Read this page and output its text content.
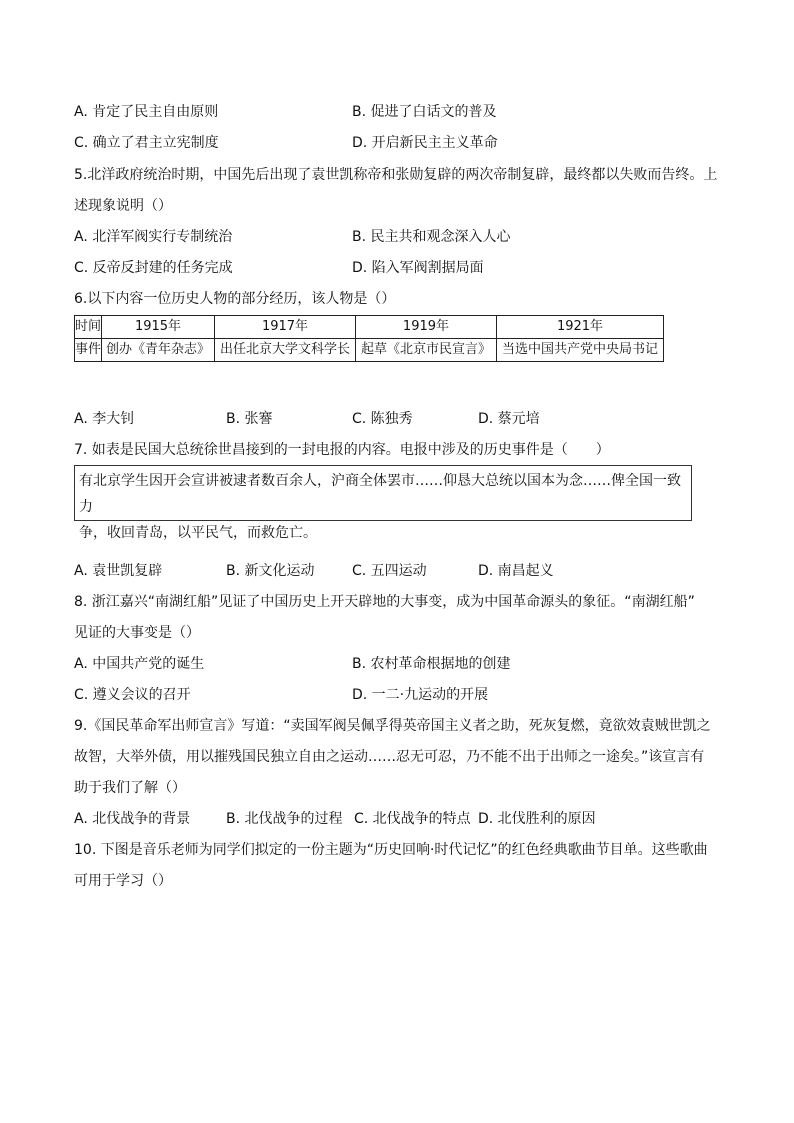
A. 肯定了民主自由原则	B. 促进了白话文的普及
C. 确立了君主立宪制度	D. 开启新民主主义革命
5.北洋政府统治时期，中国先后出现了袁世凯称帝和张勋复辟的两次帝制复辟，最终都以失败而告终。上
述现象说明（）
A. 北洋军阀实行专制统治	B. 民主共和观念深入人心
C. 反帝反封建的任务完成	D. 陷入军阀割据局面
6.以下内容一位历史人物的部分经历，该人物是（）
时间	1915年	1917年	1919年	1921年
事件	创办《青年杂志》	出任北京大学文科学长	起草《北京市民宣言》	当选中国共产党中央局书记
A. 李大钊	B. 张謇	C. 陈独秀	D. 蔡元培
7. 如表是民国大总统徐世昌接到的一封电报的内容。电报中涉及的历史事件是（　　）
有北京学生因开会宣讲被逮者数百余人，沪商全体罢市……仰恳大总统以国本为念……俾全国一致力
争，收回青岛，以平民气，而救危亡。
A. 袁世凯复辟	B. 新文化运动	C. 五四运动	D. 南昌起义
8. 浙江嘉兴“南湖红船”见证了中国历史上开天辟地的大事变，成为中国革命源头的象征。“南湖红船”
见证的大事变是（）
A. 中国共产党的诞生	B. 农村革命根据地的创建
C. 遵义会议的召开	D. 一二·九运动的开展
9.《国民革命军出师宣言》写道：“卖国军阀吴佩孚得英帝国主义者之助，死灰复燃，竟欲效袁贼世凯之
故智，大举外债，用以摧残国民独立自由之运动……忍无可忍，乃不能不出于出师之一途矣。”该宣言有
助于我们了解（）
A. 北伐战争的背景	B. 北伐战争的过程 C. 北伐战争的特点 D. 北伐胜利的原因
10. 下图是音乐老师为同学们拟定的一份主题为“历史回响·时代记忆”的红色经典歌曲节目单。这些歌曲
可用于学习（）
